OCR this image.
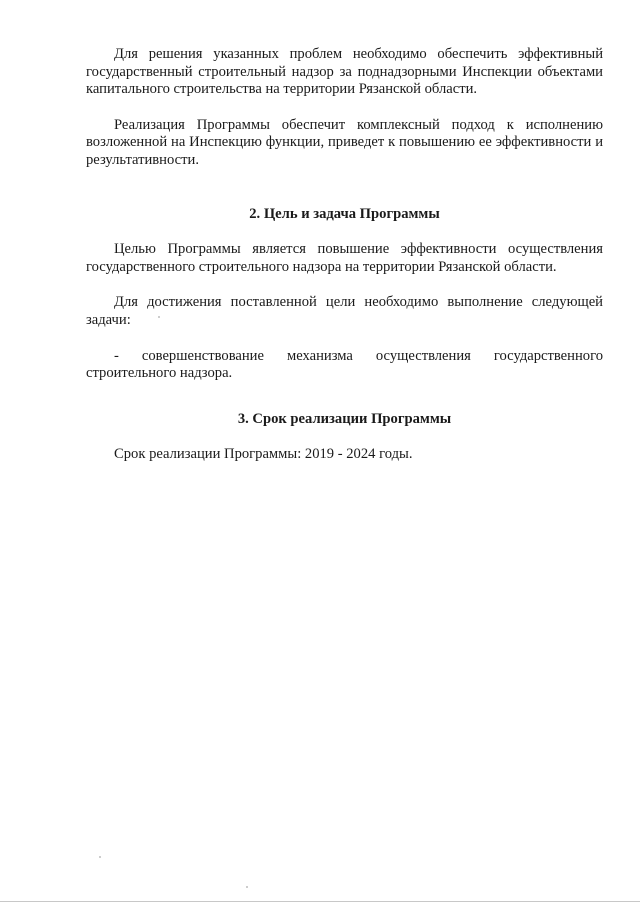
Для решения указанных проблем необходимо обеспечить эффективный государственный строительный надзор за поднадзорными Инспекции объектами капитального строительства на территории Рязанской области.

Реализация Программы обеспечит комплексный подход к исполнению возложенной на Инспекцию функции, приведет к повышению ее эффективности и результативности.

2. Цель и задача Программы

Целью Программы является повышение эффективности осуществления государственного строительного надзора на территории Рязанской области.

Для достижения поставленной цели необходимо выполнение следующей задачи:

- совершенствование механизма осуществления государственного строительного надзора.

3. Срок реализации Программы

Срок реализации Программы: 2019 - 2024 годы.
